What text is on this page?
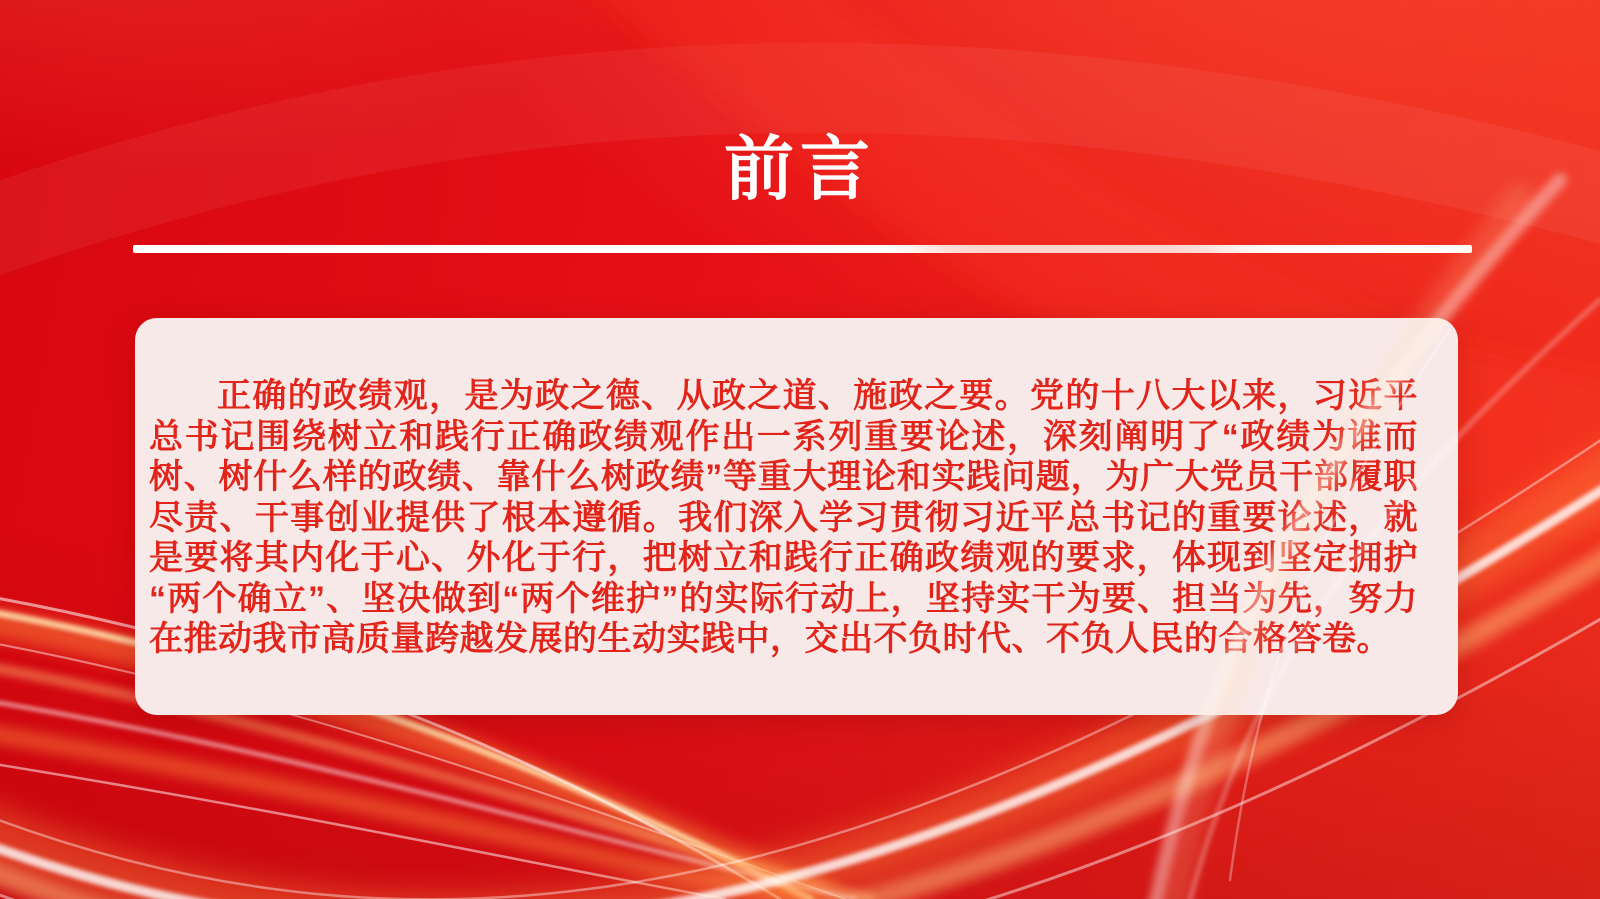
前言

正确的政绩观，是为政之德、从政之道、施政之要。党的十八大以来，习近平总书记围绕树立和践行正确政绩观作出一系列重要论述，深刻阐明了“政绩为谁而树、树什么样的政绩、靠什么树政绩”等重大理论和实践问题，为广大党员干部履职尽责、干事创业提供了根本遵循。我们深入学习贯彻习近平总书记的重要论述，就是要将其内化于心、外化于行，把树立和践行正确政绩观的要求，体现到坚定拥护“两个确立”、坚决做到“两个维护”的实际行动上，坚持实干为要、担当为先，努力在推动我市高质量跨越发展的生动实践中，交出不负时代、不负人民的合格答卷。
